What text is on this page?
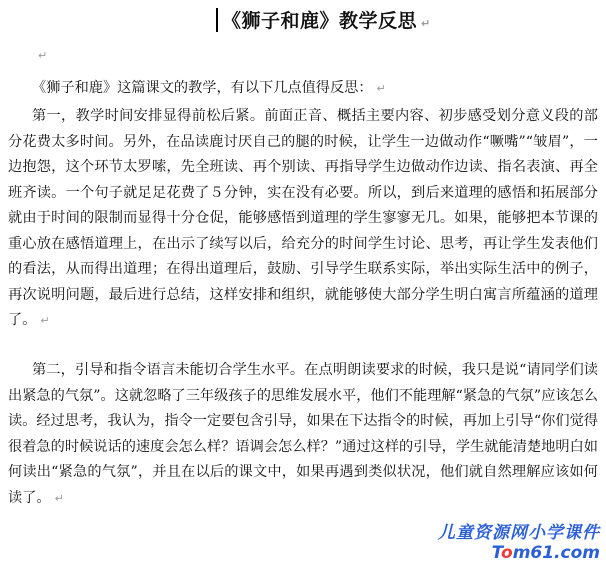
《狮子和鹿》教学反思 ↵
↵

《狮子和鹿》这篇课文的教学，有以下几点值得反思： ↵

第一，教学时间安排显得前松后紧。前面正音、概括主要内容、初步感受划分意义段的部分花费太多时间。另外，在品读鹿讨厌自己的腿的时候，让学生一边做动作“噘嘴”“皱眉”，一边抱怨，这个环节太罗嗦，先全班读、再个别读、再指导学生边做动作边读、指名表演、再全班齐读。一个句子就足足花费了５分钟，实在没有必要。所以，到后来道理的感悟和拓展部分就由于时间的限制而显得十分仓促，能够感悟到道理的学生寥寥无几。如果，能够把本节课的重心放在感悟道理上，在出示了续写以后，给充分的时间学生讨论、思考，再让学生发表他们的看法，从而得出道理；在得出道理后，鼓励、引导学生联系实际，举出实际生活中的例子，再次说明问题，最后进行总结，这样安排和组织，就能够使大部分学生明白寓言所蕴涵的道理了。 ↵

第二，引导和指令语言未能切合学生水平。在点明朗读要求的时候，我只是说“请同学们读出紧急的气氛”。这就忽略了三年级孩子的思维发展水平，他们不能理解“紧急的气氛”应该怎么读。经过思考，我认为，指令一定要包含引导，如果在下达指令的时候，再加上引导“你们觉得很着急的时候说话的速度会怎么样？语调会怎么样？”通过这样的引导，学生就能清楚地明白如何读出“紧急的气氛”，并且在以后的课文中，如果再遇到类似状况，他们就自然理解应该如何读了。 ↵

儿童资源网小学课件
Tom61.com
